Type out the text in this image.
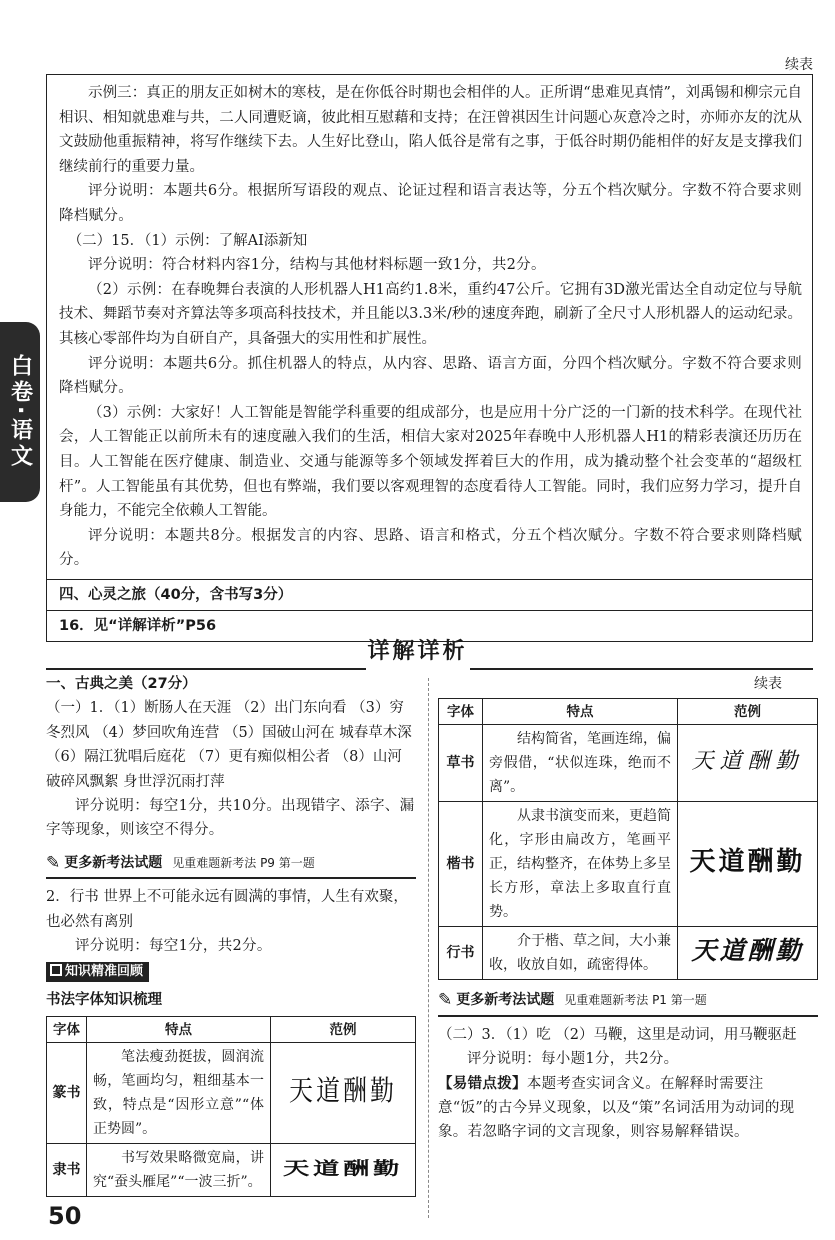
续表

示例三：真正的朋友正如树木的寒枝，是在你低谷时期也会相伴的人。正所谓“患难见真情”，刘禹锡和柳宗元自相识、相知就患难与共，二人同遭贬谪，彼此相互慰藉和支持；在汪曾祺因生计问题心灰意冷之时，亦师亦友的沈从文鼓励他重振精神，将写作继续下去。人生好比登山，陷人低谷是常有之事，于低谷时期仍能相伴的好友是支撑我们继续前行的重要力量。

评分说明：本题共6分。根据所写语段的观点、论证过程和语言表达等，分五个档次赋分。字数不符合要求则降档赋分。

（二）15．（1）示例：了解AI添新知

评分说明：符合材料内容1分，结构与其他材料标题一致1分，共2分。

（2）示例：在春晚舞台表演的人形机器人H1高约1.8米，重约47公斤。它拥有3D激光雷达全自动定位与导航技术、舞蹈节奏对齐算法等多项高科技技术，并且能以3.3米/秒的速度奔跑，刷新了全尺寸人形机器人的运动纪录。其核心零部件均为自研自产，具备强大的实用性和扩展性。

评分说明：本题共6分。抓住机器人的特点，从内容、思路、语言方面，分四个档次赋分。字数不符合要求则降档赋分。

（3）示例：大家好！人工智能是智能学科重要的组成部分，也是应用十分广泛的一门新的技术科学。在现代社会，人工智能正以前所未有的速度融入我们的生活，相信大家对2025年春晚中人形机器人H1的精彩表演还历历在目。人工智能在医疗健康、制造业、交通与能源等多个领域发挥着巨大的作用，成为撬动整个社会变革的“超级杠杆”。人工智能虽有其优势，但也有弊端，我们要以客观理智的态度看待人工智能。同时，我们应努力学习，提升自身能力，不能完全依赖人工智能。

评分说明：本题共8分。根据发言的内容、思路、语言和格式，分五个档次赋分。字数不符合要求则降档赋分。

四、心灵之旅（40分，含书写3分）

16．见“详解详析”P56

白卷·语文
详解详析

一、古典之美（27分）

（一）1．（1）断肠人在天涯 （2）出门东向看 （3）穷冬烈风 （4）梦回吹角连营 （5）国破山河在 城春草木深 （6）隔江犹唱后庭花 （7）更有痴似相公者 （8）山河破碎风飘絮 身世浮沉雨打萍

评分说明：每空1分，共10分。出现错字、添字、漏字等现象，则该空不得分。

✎ 更多新考法试题 见重难题新考法 P9 第一题

2．行书 世界上不可能永远有圆满的事情，人生有欢聚，也必然有离别

评分说明：每空1分，共2分。

知识精准回顾

书法字体知识梳理

字体	特点	范例
篆书	笔法瘦劲挺拔，圆润流畅，笔画均匀，粗细基本一致，特点是“因形立意”“体正势圆”。	天道酬勤
隶书	书写效果略微宽扁，讲究“蚕头雁尾”“一波三折”。	天道酬勤
续表
字体	特点	范例
草书	结构简省，笔画连绵，偏旁假借，“状似连珠，绝而不离”。	天道酬勤
楷书	从隶书演变而来，更趋简化，字形由扁改方，笔画平正，结构整齐，在体势上多呈长方形，章法上多取直行直势。	天道酬勤
行书	介于楷、草之间，大小兼收，收放自如，疏密得体。	天道酬勤
✎ 更多新考法试题 见重难题新考法 P1 第一题

（二）3．（1）吃 （2）马鞭，这里是动词，用马鞭驱赶

评分说明：每小题1分，共2分。

【易错点拨】本题考查实词含义。在解释时需要注意“饭”的古今异义现象，以及“策”名词活用为动词的现象。若忽略字词的文言现象，则容易解释错误。

50
